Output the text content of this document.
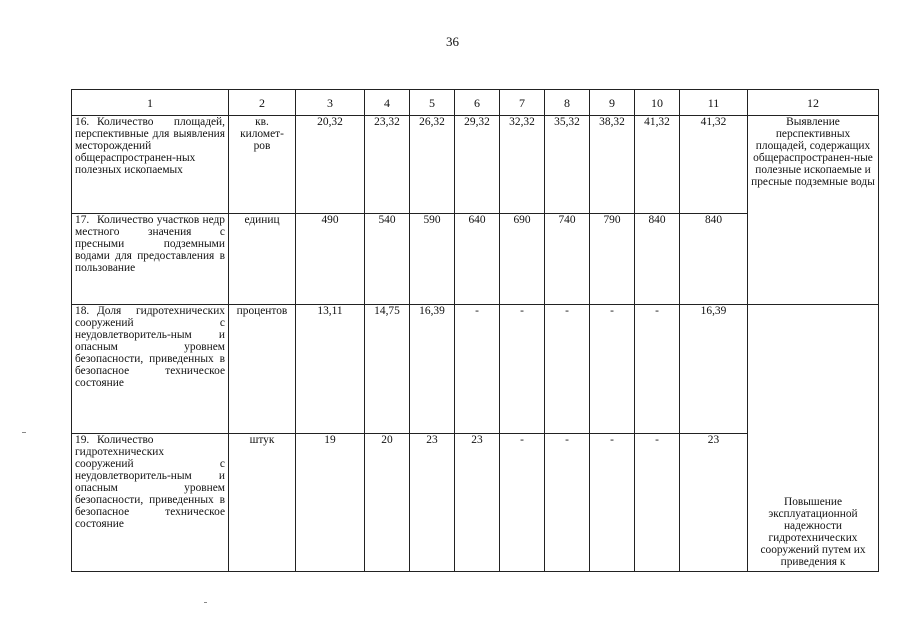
36
1	2	3	4	5	6	7	8	9	10	11	12
16. Количество площадей, перспективные для выявления месторождений общераспространен-ных полезных ископаемых	кв. километ-ров	20,32	23,32	26,32	29,32	32,32	35,32	38,32	41,32	41,32	Выявление перспективных площадей, содержащих общераспространен-ные полезные ископаемые и пресные подземные воды
17. Количество участков недр местного значения с пресными подземными водами для предоставления в пользование	единиц	490	540	590	640	690	740	790	840	840	
18. Доля гидротехнических сооружений с неудовлетворитель-ным и опасным уровнем безопасности, приведенных в безопасное техническое состояние	процентов	13,11	14,75	16,39	-	-	-	-	-	16,39	Повышение эксплуатационной надежности гидротехнических сооружений путем их приведения к
19. Количество гидротехнических сооружений с неудовлетворитель-ным и опасным уровнем безопасности, приведенных в безопасное техническое состояние	штук	19	20	23	23	-	-	-	-	23	
